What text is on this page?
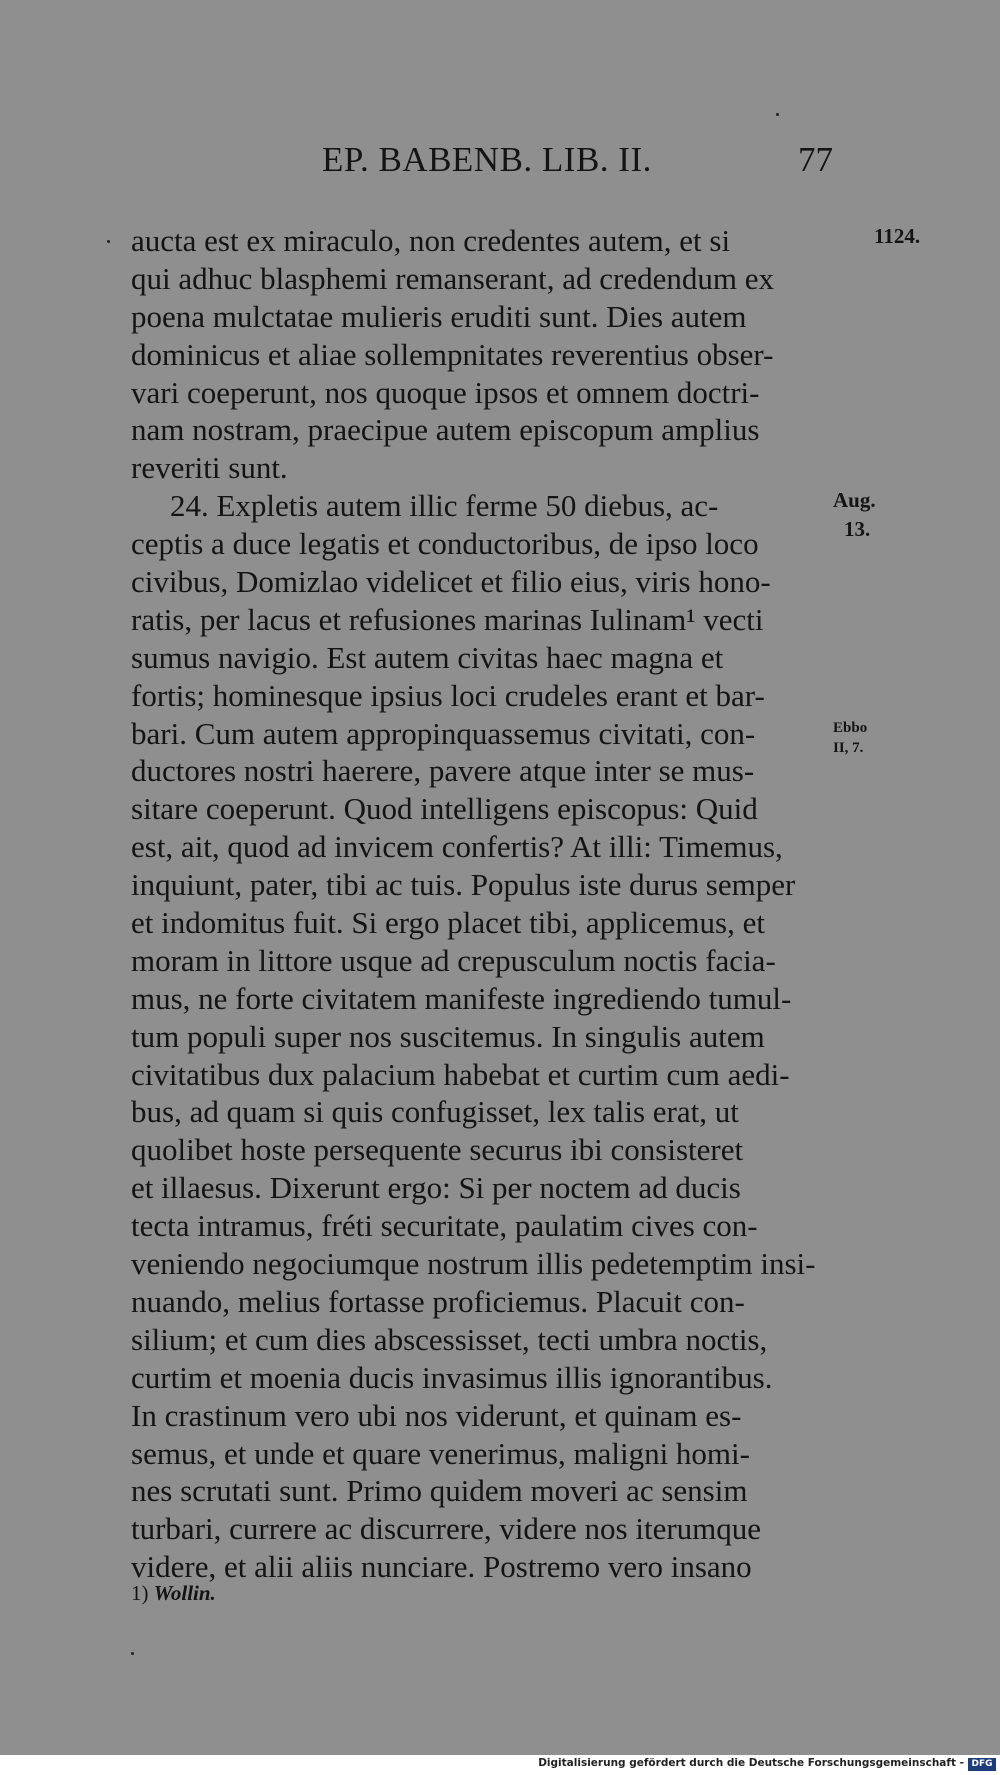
EP. BABENB. LIB. II.	77
aucta est ex miraculo, non credentes autem, et si
qui adhuc blasphemi remanserant, ad credendum ex
poena mulctatae mulieris eruditi sunt. Dies autem
dominicus et aliae sollempnitates reverentius obser-
vari coeperunt, nos quoque ipsos et omnem doctri-
nam nostram, praecipue autem episcopum amplius
reveriti sunt.
24. Expletis autem illic ferme 50 diebus, ac-
ceptis a duce legatis et conductoribus, de ipso loco
civibus, Domizlao videlicet et filio eius, viris hono-
ratis, per lacus et refusiones marinas Iulinam¹ vecti
sumus navigio. Est autem civitas haec magna et
fortis; hominesque ipsius loci crudeles erant et bar-
bari. Cum autem appropinquassemus civitati, con-
ductores nostri haerere, pavere atque inter se mus-
sitare coeperunt. Quod intelligens episcopus: Quid
est, ait, quod ad invicem confertis? At illi: Timemus,
inquiunt, pater, tibi ac tuis. Populus iste durus semper
et indomitus fuit. Si ergo placet tibi, applicemus, et
moram in littore usque ad crepusculum noctis facia-
mus, ne forte civitatem manifeste ingrediendo tumul-
tum populi super nos suscitemus. In singulis autem
civitatibus dux palacium habebat et curtim cum aedi-
bus, ad quam si quis confugisset, lex talis erat, ut
quolibet hoste persequente securus ibi consisteret
et illaesus. Dixerunt ergo: Si per noctem ad ducis
tecta intramus, fréti securitate, paulatim cives con-
veniendo negociumque nostrum illis pedetemptim insi-
nuando, melius fortasse proficiemus. Placuit con-
silium; et cum dies abscessisset, tecti umbra noctis,
curtim et moenia ducis invasimus illis ignorantibus.
In crastinum vero ubi nos viderunt, et quinam es-
semus, et unde et quare venerimus, maligni homi-
nes scrutati sunt. Primo quidem moveri ac sensim
turbari, currere ac discurrere, videre nos iterumque
videre, et alii aliis nunciare. Postremo vero insano
1124.
Aug.
13.
Ebbo
II, 7.
1) Wollin.
Digitalisierung gefördert durch die Deutsche Forschungsgemeinschaft - DFG
